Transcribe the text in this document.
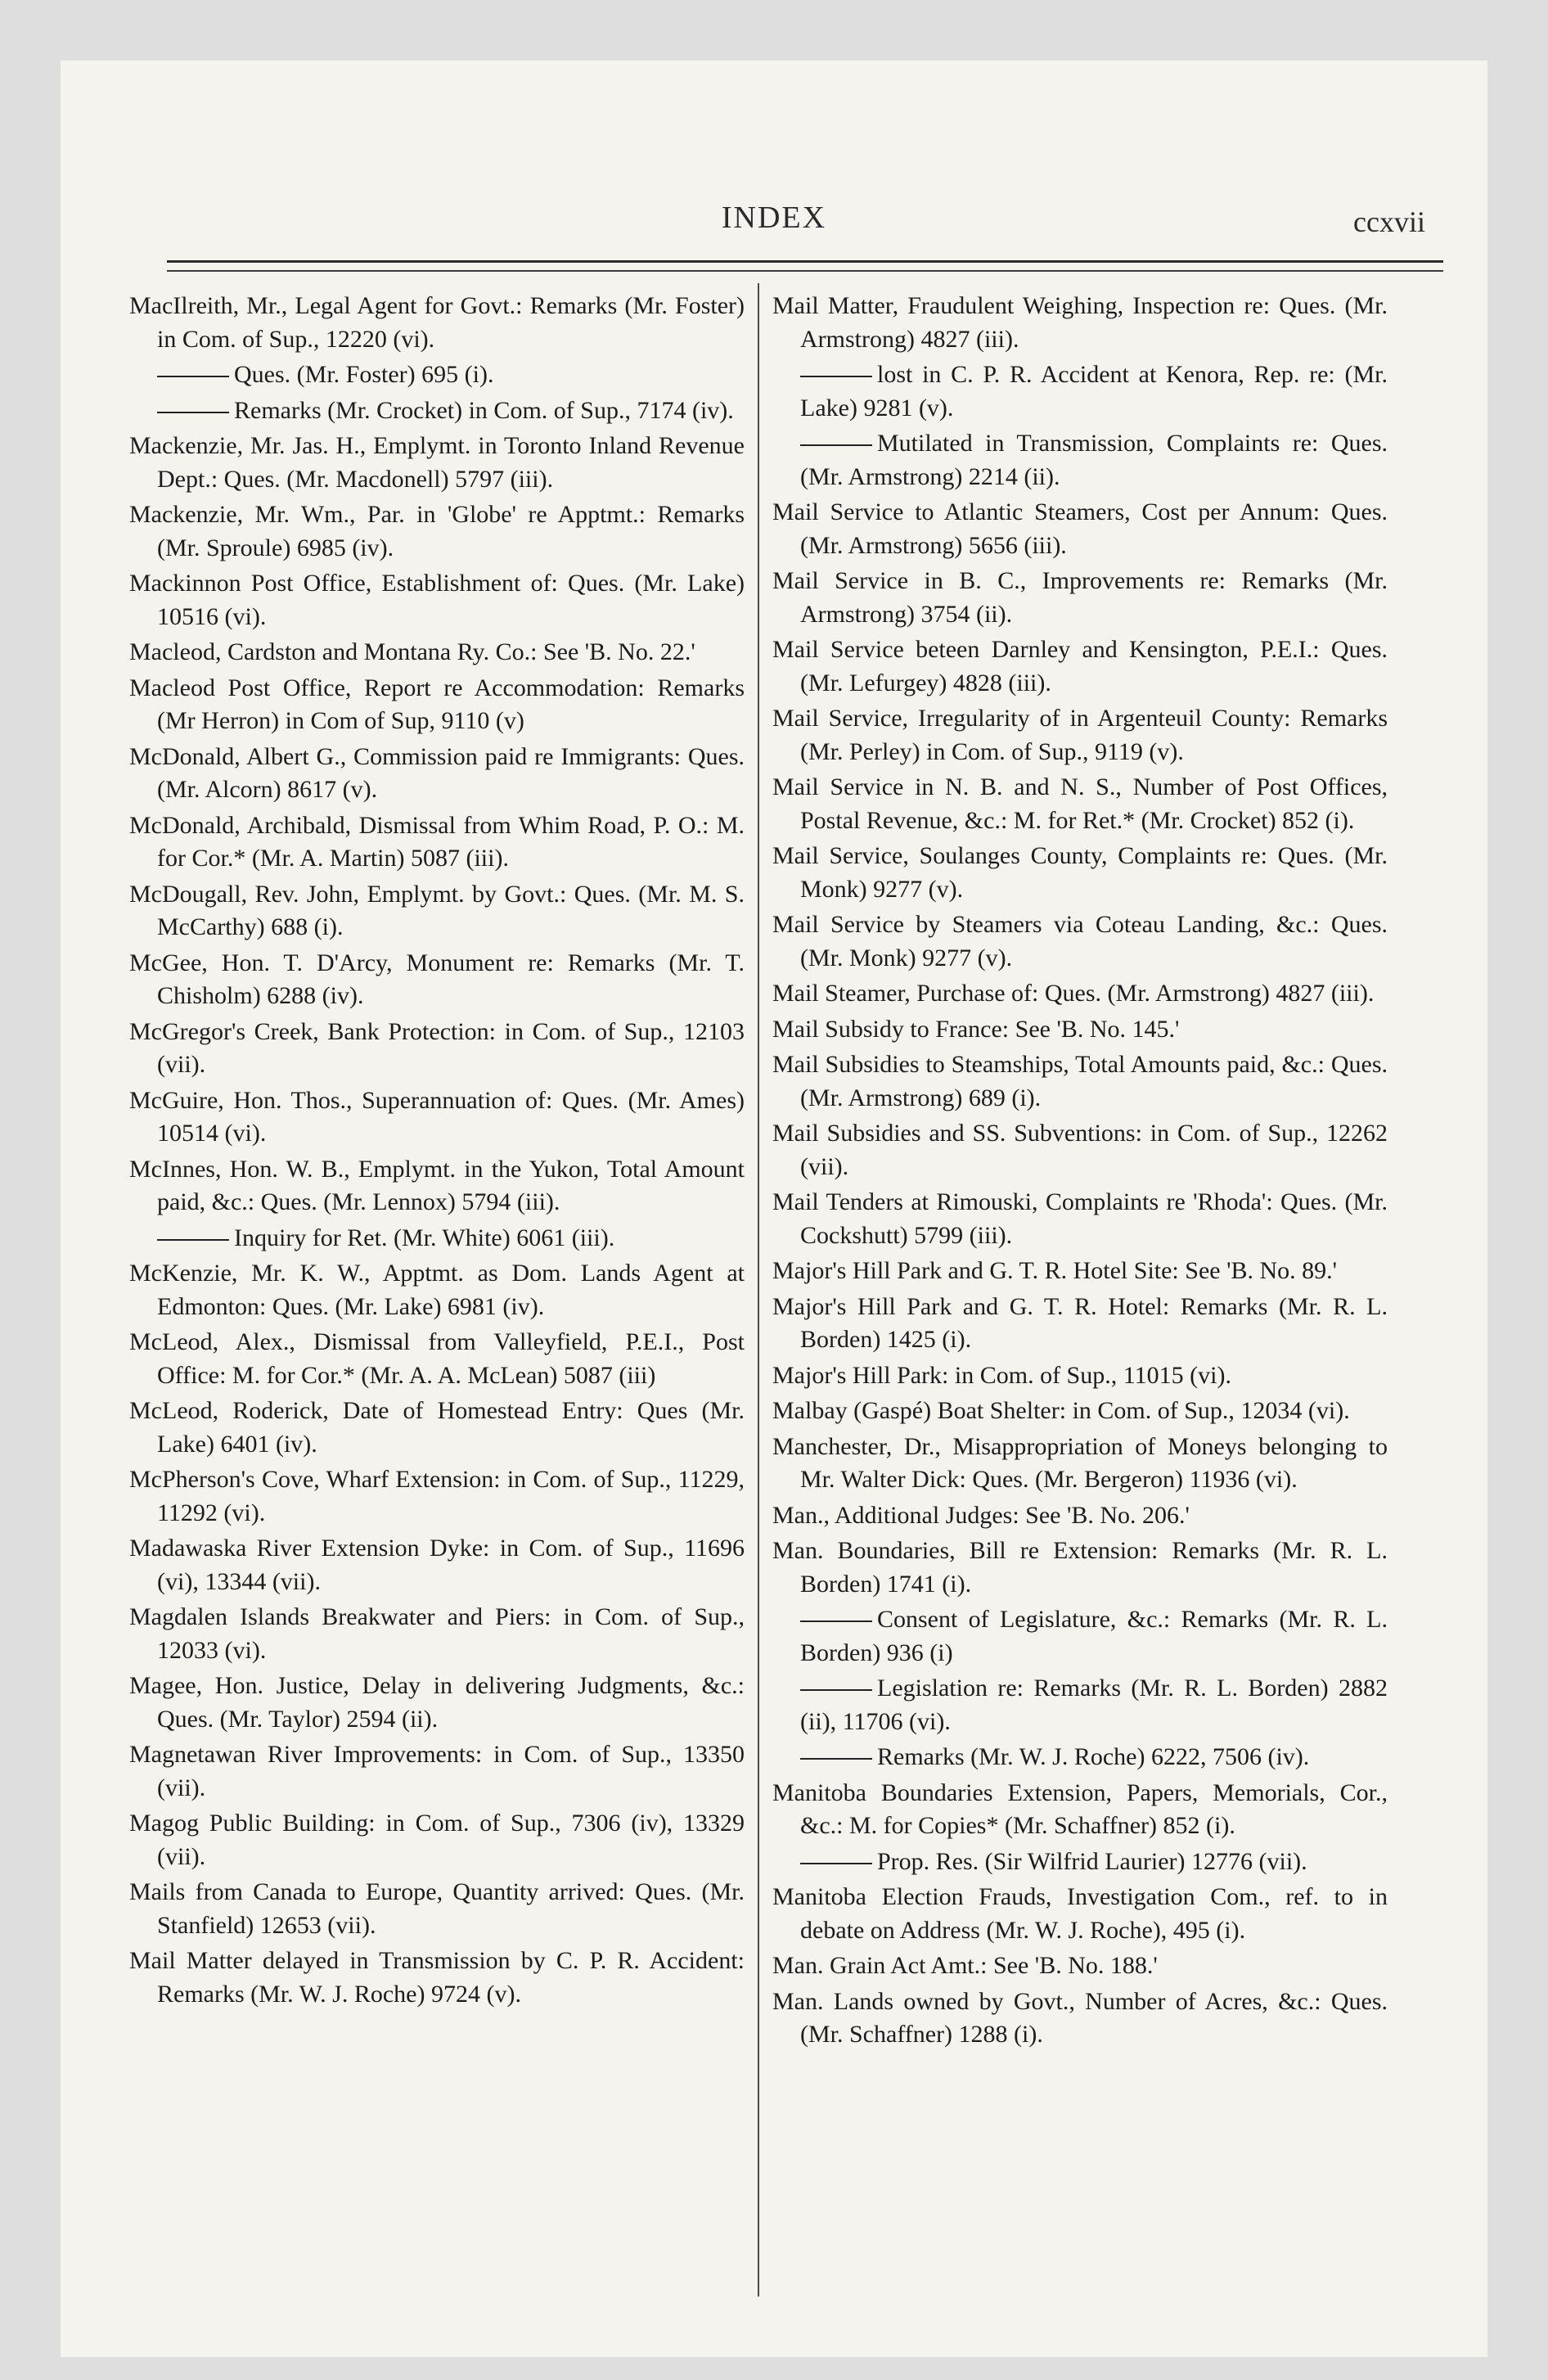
INDEX	ccxvii

MacIlreith, Mr., Legal Agent for Govt.: Remarks (Mr. Foster) in Com. of Sup., 12220 (vi).

Ques. (Mr. Foster) 695 (i).

Remarks (Mr. Crocket) in Com. of Sup., 7174 (iv).

Mackenzie, Mr. Jas. H., Emplymt. in Toronto Inland Revenue Dept.: Ques. (Mr. Macdonell) 5797 (iii).

Mackenzie, Mr. Wm., Par. in 'Globe' re Apptmt.: Remarks (Mr. Sproule) 6985 (iv).

Mackinnon Post Office, Establishment of: Ques. (Mr. Lake) 10516 (vi).

Macleod, Cardston and Montana Ry. Co.: See 'B. No. 22.'

Macleod Post Office, Report re Accommodation: Remarks (Mr Herron) in Com of Sup, 9110 (v)

McDonald, Albert G., Commission paid re Immigrants: Ques. (Mr. Alcorn) 8617 (v).

McDonald, Archibald, Dismissal from Whim Road, P. O.: M. for Cor.* (Mr. A. Martin) 5087 (iii).

McDougall, Rev. John, Emplymt. by Govt.: Ques. (Mr. M. S. McCarthy) 688 (i).

McGee, Hon. T. D'Arcy, Monument re: Remarks (Mr. T. Chisholm) 6288 (iv).

McGregor's Creek, Bank Protection: in Com. of Sup., 12103 (vii).

McGuire, Hon. Thos., Superannuation of: Ques. (Mr. Ames) 10514 (vi).

McInnes, Hon. W. B., Emplymt. in the Yukon, Total Amount paid, &c.: Ques. (Mr. Lennox) 5794 (iii).

Inquiry for Ret. (Mr. White) 6061 (iii).

McKenzie, Mr. K. W., Apptmt. as Dom. Lands Agent at Edmonton: Ques. (Mr. Lake) 6981 (iv).

McLeod, Alex., Dismissal from Valleyfield, P.E.I., Post Office: M. for Cor.* (Mr. A. A. McLean) 5087 (iii)

McLeod, Roderick, Date of Homestead Entry: Ques (Mr. Lake) 6401 (iv).

McPherson's Cove, Wharf Extension: in Com. of Sup., 11229, 11292 (vi).

Madawaska River Extension Dyke: in Com. of Sup., 11696 (vi), 13344 (vii).

Magdalen Islands Breakwater and Piers: in Com. of Sup., 12033 (vi).

Magee, Hon. Justice, Delay in delivering Judgments, &c.: Ques. (Mr. Taylor) 2594 (ii).

Magnetawan River Improvements: in Com. of Sup., 13350 (vii).

Magog Public Building: in Com. of Sup., 7306 (iv), 13329 (vii).

Mails from Canada to Europe, Quantity arrived: Ques. (Mr. Stanfield) 12653 (vii).

Mail Matter delayed in Transmission by C. P. R. Accident: Remarks (Mr. W. J. Roche) 9724 (v).

Mail Matter, Fraudulent Weighing, Inspection re: Ques. (Mr. Armstrong) 4827 (iii).

lost in C. P. R. Accident at Kenora, Rep. re: (Mr. Lake) 9281 (v).

Mutilated in Transmission, Complaints re: Ques. (Mr. Armstrong) 2214 (ii).

Mail Service to Atlantic Steamers, Cost per Annum: Ques. (Mr. Armstrong) 5656 (iii).

Mail Service in B. C., Improvements re: Remarks (Mr. Armstrong) 3754 (ii).

Mail Service beteen Darnley and Kensington, P.E.I.: Ques. (Mr. Lefurgey) 4828 (iii).

Mail Service, Irregularity of in Argenteuil County: Remarks (Mr. Perley) in Com. of Sup., 9119 (v).

Mail Service in N. B. and N. S., Number of Post Offices, Postal Revenue, &c.: M. for Ret.* (Mr. Crocket) 852 (i).

Mail Service, Soulanges County, Complaints re: Ques. (Mr. Monk) 9277 (v).

Mail Service by Steamers via Coteau Landing, &c.: Ques. (Mr. Monk) 9277 (v).

Mail Steamer, Purchase of: Ques. (Mr. Armstrong) 4827 (iii).

Mail Subsidy to France: See 'B. No. 145.'

Mail Subsidies to Steamships, Total Amounts paid, &c.: Ques. (Mr. Armstrong) 689 (i).

Mail Subsidies and SS. Subventions: in Com. of Sup., 12262 (vii).

Mail Tenders at Rimouski, Complaints re 'Rhoda': Ques. (Mr. Cockshutt) 5799 (iii).

Major's Hill Park and G. T. R. Hotel Site: See 'B. No. 89.'

Major's Hill Park and G. T. R. Hotel: Remarks (Mr. R. L. Borden) 1425 (i).

Major's Hill Park: in Com. of Sup., 11015 (vi).

Malbay (Gaspé) Boat Shelter: in Com. of Sup., 12034 (vi).

Manchester, Dr., Misappropriation of Moneys belonging to Mr. Walter Dick: Ques. (Mr. Bergeron) 11936 (vi).

Man., Additional Judges: See 'B. No. 206.'

Man. Boundaries, Bill re Extension: Remarks (Mr. R. L. Borden) 1741 (i).

Consent of Legislature, &c.: Remarks (Mr. R. L. Borden) 936 (i)

Legislation re: Remarks (Mr. R. L. Borden) 2882 (ii), 11706 (vi).

Remarks (Mr. W. J. Roche) 6222, 7506 (iv).

Manitoba Boundaries Extension, Papers, Memorials, Cor., &c.: M. for Copies* (Mr. Schaffner) 852 (i).

Prop. Res. (Sir Wilfrid Laurier) 12776 (vii).

Manitoba Election Frauds, Investigation Com., ref. to in debate on Address (Mr. W. J. Roche), 495 (i).

Man. Grain Act Amt.: See 'B. No. 188.'

Man. Lands owned by Govt., Number of Acres, &c.: Ques. (Mr. Schaffner) 1288 (i).
